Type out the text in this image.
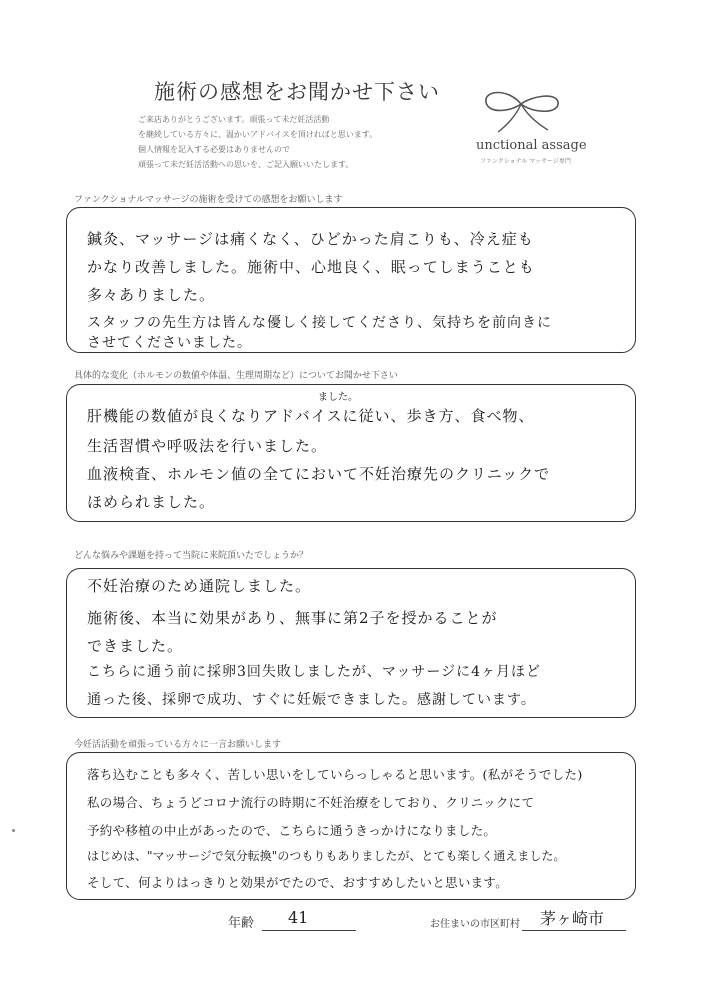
施術の感想をお聞かせ下さい
ご来店ありがとうございます。頑張って未だ妊活活動
を継続している方々に、温かいアドバイスを頂ければと思います。
個人情報を記入する必要はありませんので
頑張って未だ妊活活動への思いを、ご記入願いいたします。
unctional assage
ファンクショナル マッサージ専門
ファンクショナルマッサージの施術を受けての感想をお願いします
鍼灸、マッサージは痛くなく、ひどかった肩こりも、冷え症も
かなり改善しました。施術中、心地良く、眠ってしまうことも
多々ありました。
スタッフの先生方は皆んな優しく接してくださり、気持ちを前向きに
させてくださいました。
具体的な変化（ホルモンの数値や体温、生理周期など）についてお聞かせ下さい
ました。
肝機能の数値が良くなりアドバイスに従い、歩き方、食べ物、
生活習慣や呼吸法を行いました。
血液検査、ホルモン値の全てにおいて不妊治療先のクリニックで
ほめられました。
どんな悩みや課題を持って当院に来院頂いたでしょうか？
不妊治療のため通院しました。
施術後、本当に効果があり、無事に第2子を授かることが
できました。
こちらに通う前に採卵3回失敗しましたが、マッサージに4ヶ月ほど
通った後、採卵で成功、すぐに妊娠できました。感謝しています。
今妊活活動を頑張っている方々に一言お願いします
落ち込むことも多々く、苦しい思いをしていらっしゃると思います。(私がそうでした)
私の場合、ちょうどコロナ流行の時期に不妊治療をしており、クリニックにて
予約や移植の中止があったので、こちらに通うきっかけになりました。
はじめは、"マッサージで気分転換"のつもりもありましたが、とても楽しく通えました。
そして、何よりはっきりと効果がでたので、おすすめしたいと思います。
年齢 41	お住まいの市区町村 茅ヶ崎市
